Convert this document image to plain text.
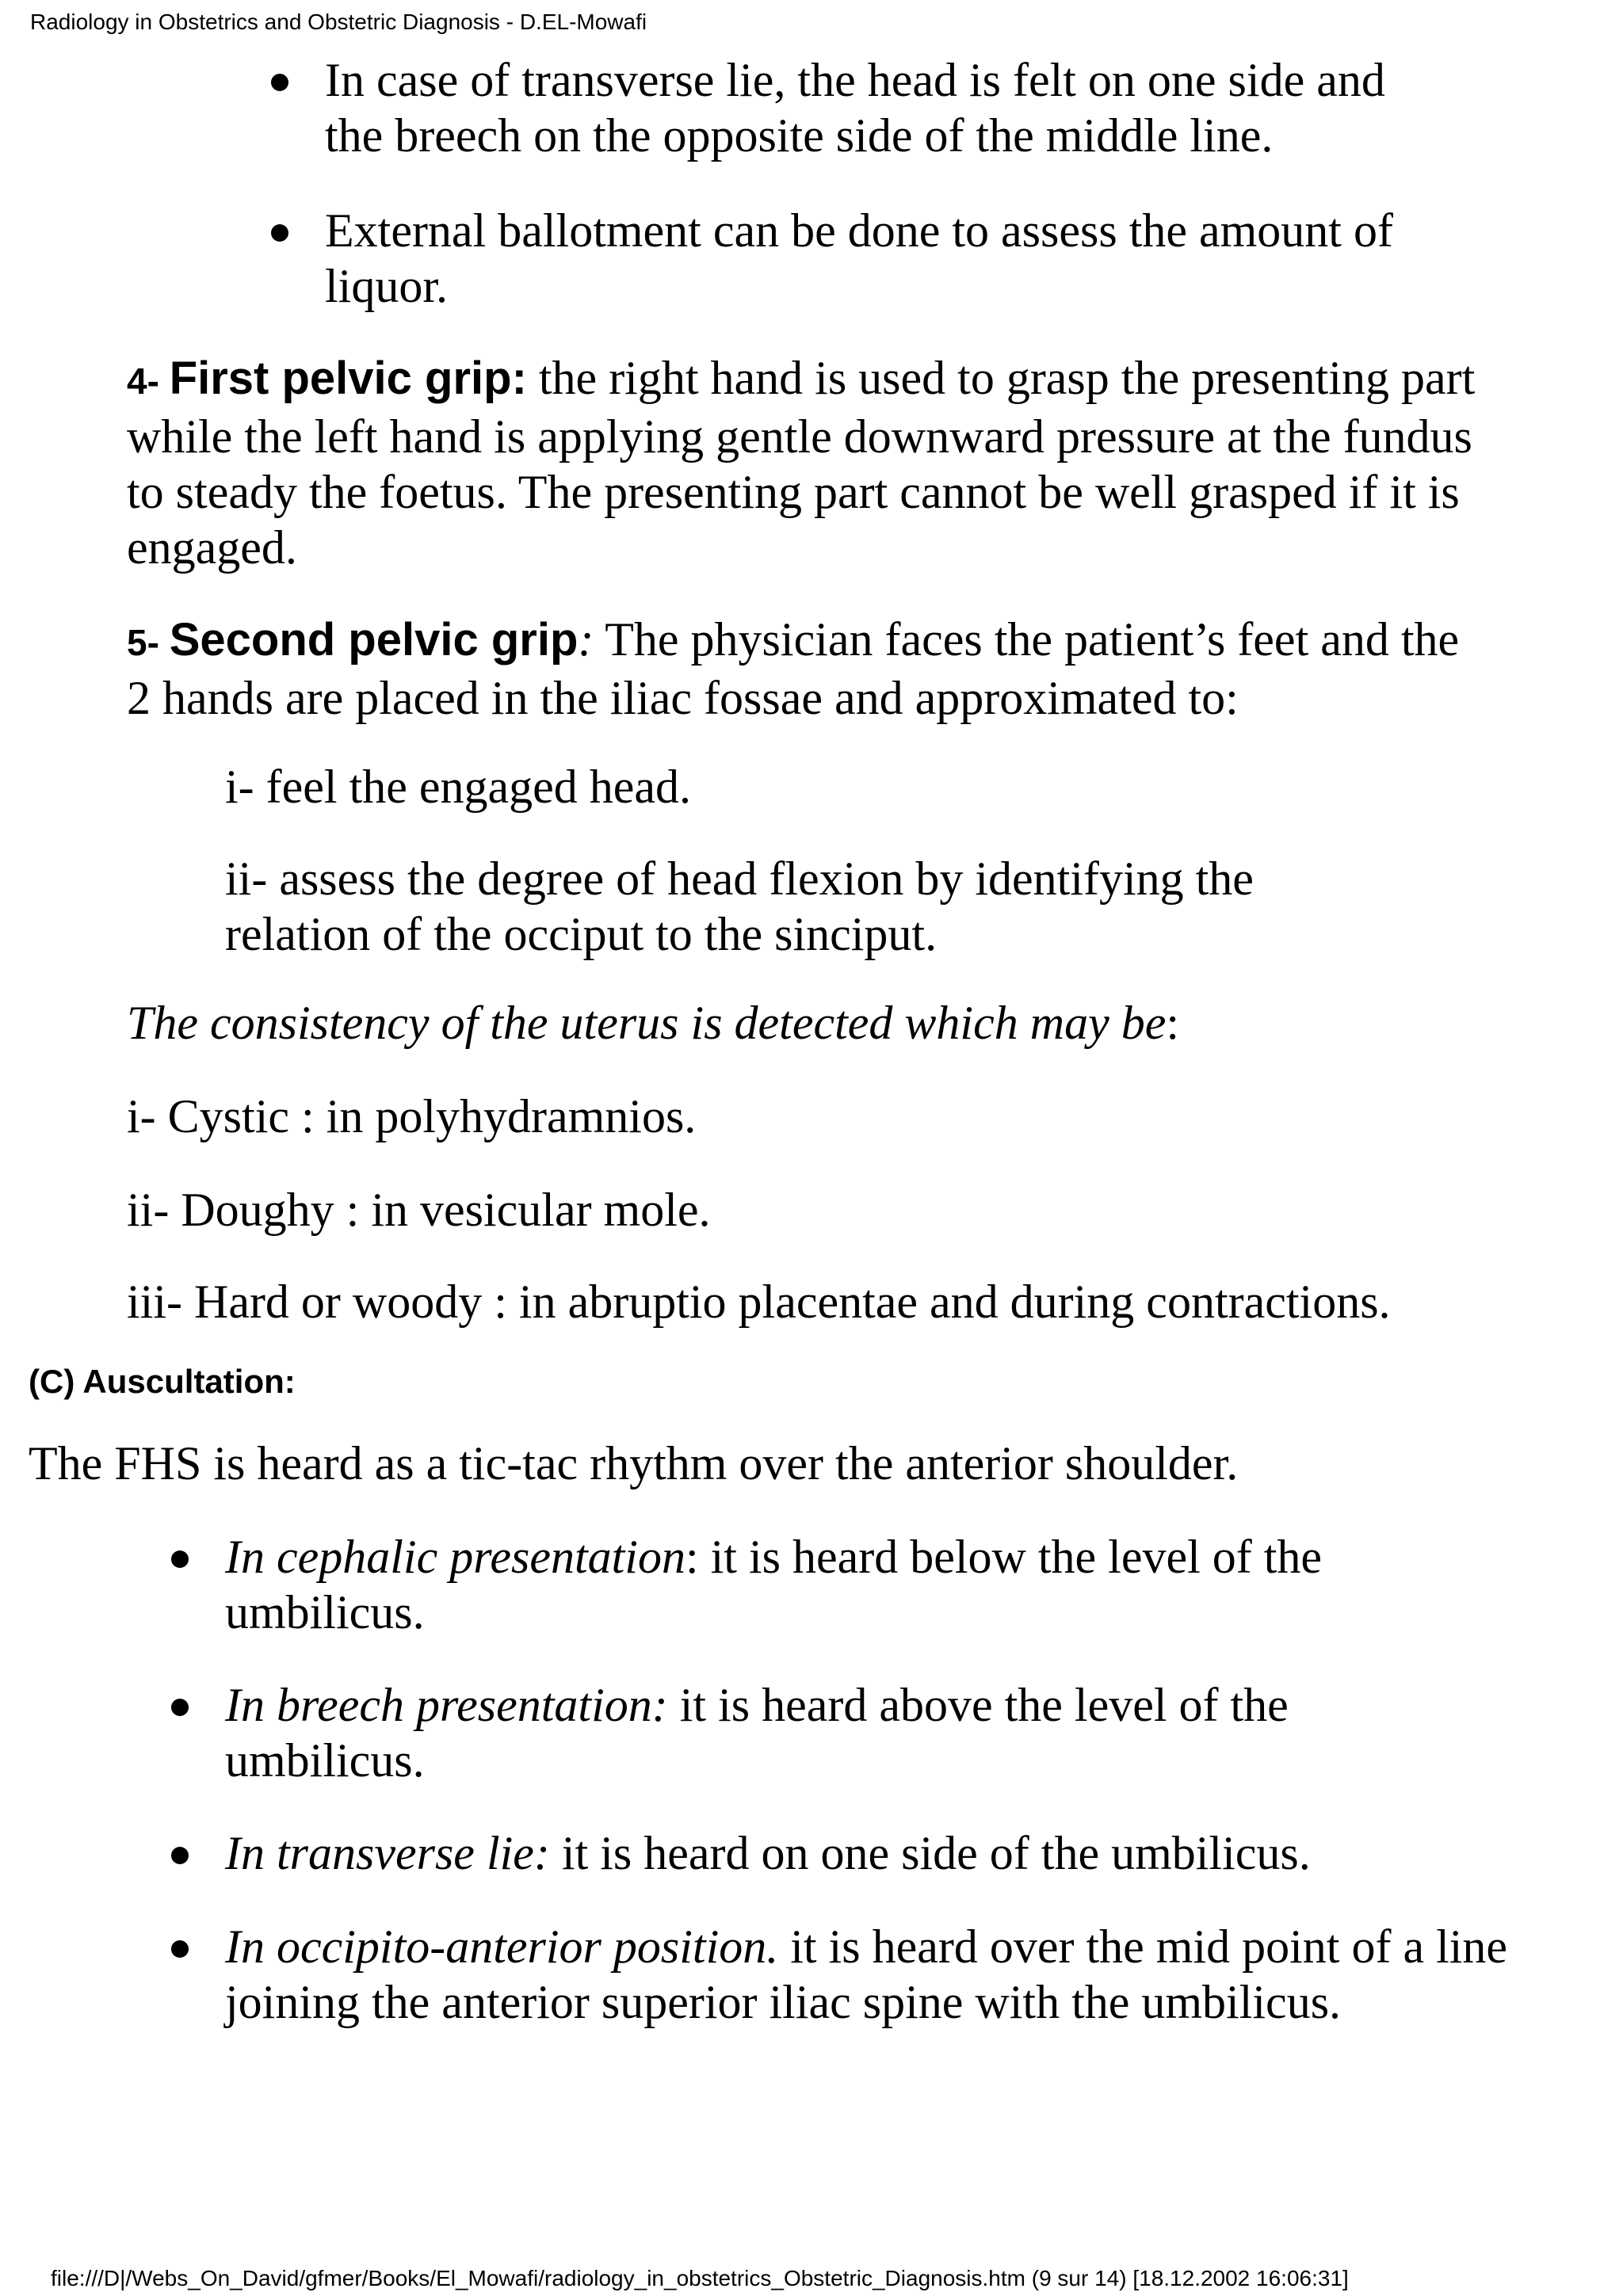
Radiology in Obstetrics and Obstetric Diagnosis - D.EL-Mowafi

In case of transverse lie, the head is felt on one side and the breech on the opposite side of the middle line.

External ballotment can be done to assess the amount of liquor.

4- First pelvic grip: the right hand is used to grasp the presenting part while the left hand is applying gentle downward pressure at the fundus to steady the foetus. The presenting part cannot be well grasped if it is engaged.

5- Second pelvic grip: The physician faces the patient’s feet and the 2 hands are placed in the iliac fossae and approximated to:

i- feel the engaged head.

ii- assess the degree of head flexion by identifying the relation of the occiput to the sinciput.

The consistency of the uterus is detected which may be:

i- Cystic : in polyhydramnios.

ii- Doughy : in vesicular mole.

iii- Hard or woody : in abruptio placentae and during contractions.

(C) Auscultation:

The FHS is heard as a tic-tac rhythm over the anterior shoulder.

In cephalic presentation: it is heard below the level of the umbilicus.

In breech presentation: it is heard above the level of the umbilicus.

In transverse lie: it is heard on one side of the umbilicus.

In occipito-anterior position. it is heard over the mid point of a line joining the anterior superior iliac spine with the umbilicus.

file:///D|/Webs_On_David/gfmer/Books/El_Mowafi/radiology_in_obstetrics_Obstetric_Diagnosis.htm (9 sur 14) [18.12.2002 16:06:31]
